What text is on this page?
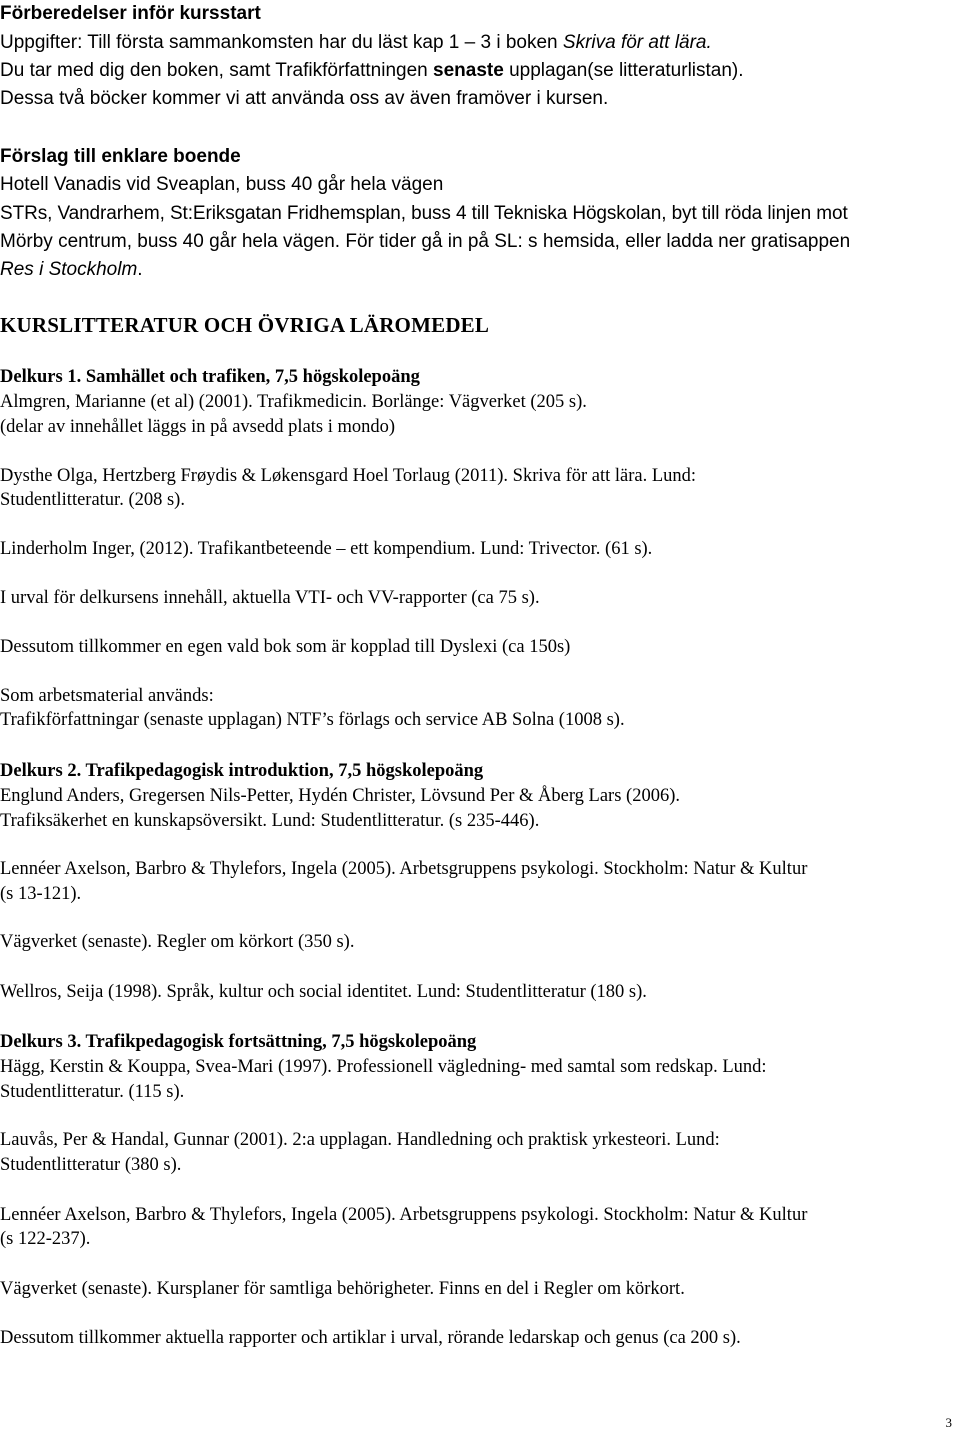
Förberedelser inför kursstart
Uppgifter: Till första sammankomsten har du läst kap 1 – 3 i boken Skriva för att lära.
Du tar med dig den boken, samt Trafikförfattningen senaste upplagan(se litteraturlistan).
Dessa två böcker kommer vi att använda oss av även framöver i kursen.
Förslag till enklare boende
Hotell Vanadis vid Sveaplan, buss 40 går hela vägen
STRs, Vandrarhem, St:Eriksgatan Fridhemsplan, buss 4 till Tekniska Högskolan, byt till röda linjen mot
Mörby centrum, buss 40 går hela vägen. För tider gå in på SL: s hemsida, eller ladda ner gratisappen
Res i Stockholm.
KURSLITTERATUR OCH ÖVRIGA LÄROMEDEL
Delkurs 1. Samhället och trafiken, 7,5 högskolepoäng
Almgren, Marianne (et al) (2001). Trafikmedicin. Borlänge: Vägverket (205 s).
(delar av innehållet läggs in på avsedd plats i mondo)
Dysthe Olga, Hertzberg Frøydis & Løkensgard Hoel Torlaug (2011). Skriva för att lära. Lund:
Studentlitteratur. (208 s).
Linderholm Inger, (2012). Trafikantbeteende – ett kompendium. Lund: Trivector. (61 s).
I urval för delkursens innehåll, aktuella VTI- och VV-rapporter (ca 75 s).
Dessutom tillkommer en egen vald bok som är kopplad till Dyslexi (ca 150s)
Som arbetsmaterial används:
Trafikförfattningar (senaste upplagan) NTF’s förlags och service AB Solna (1008 s).
Delkurs 2. Trafikpedagogisk introduktion, 7,5 högskolepoäng
Englund Anders, Gregersen Nils-Petter, Hydén Christer, Lövsund Per & Åberg Lars (2006).
Trafiksäkerhet en kunskapsöversikt. Lund: Studentlitteratur. (s 235-446).
Lennéer Axelson, Barbro & Thylefors, Ingela (2005). Arbetsgruppens psykologi. Stockholm: Natur & Kultur
(s 13-121).
Vägverket (senaste). Regler om körkort (350 s).
Wellros, Seija (1998). Språk, kultur och social identitet. Lund: Studentlitteratur (180 s).
Delkurs 3. Trafikpedagogisk fortsättning, 7,5 högskolepoäng
Hägg, Kerstin & Kouppa, Svea-Mari (1997). Professionell vägledning- med samtal som redskap. Lund:
Studentlitteratur. (115 s).
Lauvås, Per & Handal, Gunnar (2001). 2:a upplagan. Handledning och praktisk yrkesteori. Lund:
Studentlitteratur (380 s).
Lennéer Axelson, Barbro & Thylefors, Ingela (2005). Arbetsgruppens psykologi. Stockholm: Natur & Kultur
(s 122-237).
Vägverket (senaste). Kursplaner för samtliga behörigheter. Finns en del i Regler om körkort.
Dessutom tillkommer aktuella rapporter och artiklar i urval, rörande ledarskap och genus (ca 200 s).
3
